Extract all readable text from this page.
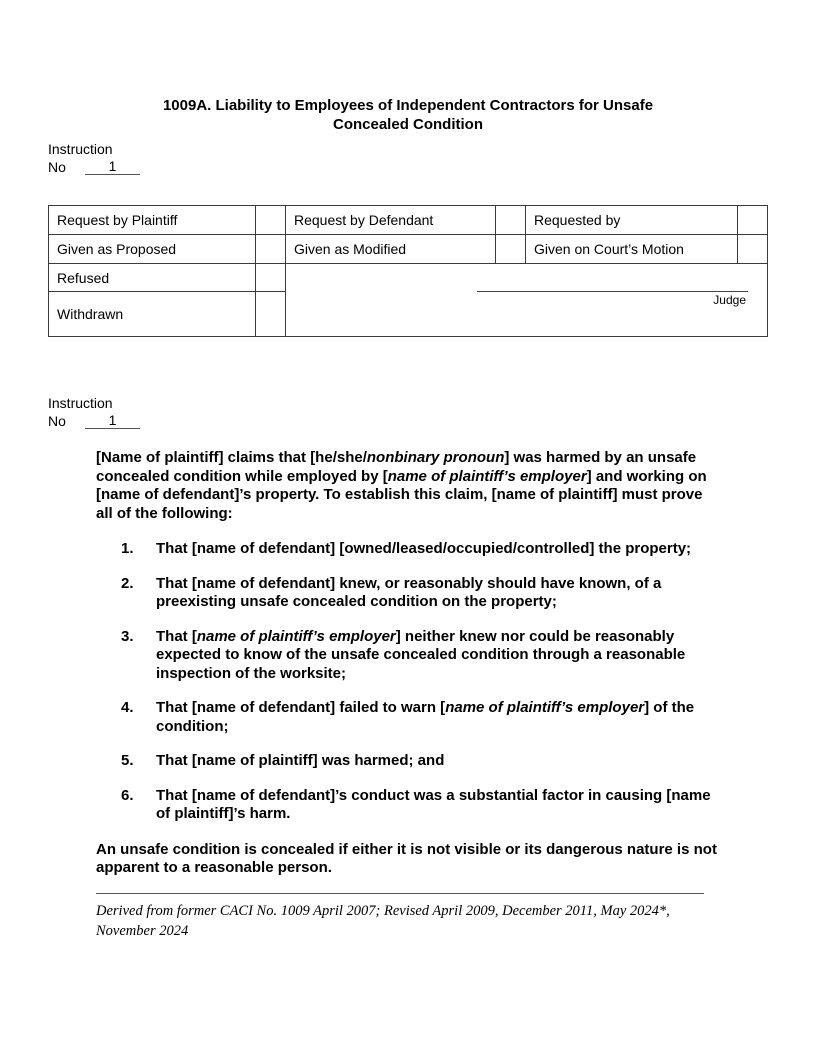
1009A. Liability to Employees of Independent Contractors for Unsafe
Concealed Condition
Instruction
No	1
Request by Plaintiff		Request by Defendant		Requested by	
Given as Proposed		Given as Modified		Given on Court’s Motion	
Refused		Judge			

Withdrawn					
Instruction
No	1

[Name of plaintiff] claims that [he/she/nonbinary pronoun] was harmed by an unsafe concealed condition while employed by [name of plaintiff’s employer] and working on [name of defendant]’s property. To establish this claim, [name of plaintiff] must prove all of the following:

1.	That [name of defendant] [owned/leased/occupied/controlled] the property;
2.	That [name of defendant] knew, or reasonably should have known, of a preexisting unsafe concealed condition on the property;
3.	That [name of plaintiff’s employer] neither knew nor could be reasonably expected to know of the unsafe concealed condition through a reasonable inspection of the worksite;
4.	That [name of defendant] failed to warn [name of plaintiff’s employer] of the condition;
5.	That [name of plaintiff] was harmed; and
6.	That [name of defendant]’s conduct was a substantial factor in causing [name of plaintiff]’s harm.

An unsafe condition is concealed if either it is not visible or its dangerous nature is not apparent to a reasonable person.

Derived from former CACI No. 1009 April 2007; Revised April 2009, December 2011, May 2024*, November 2024
